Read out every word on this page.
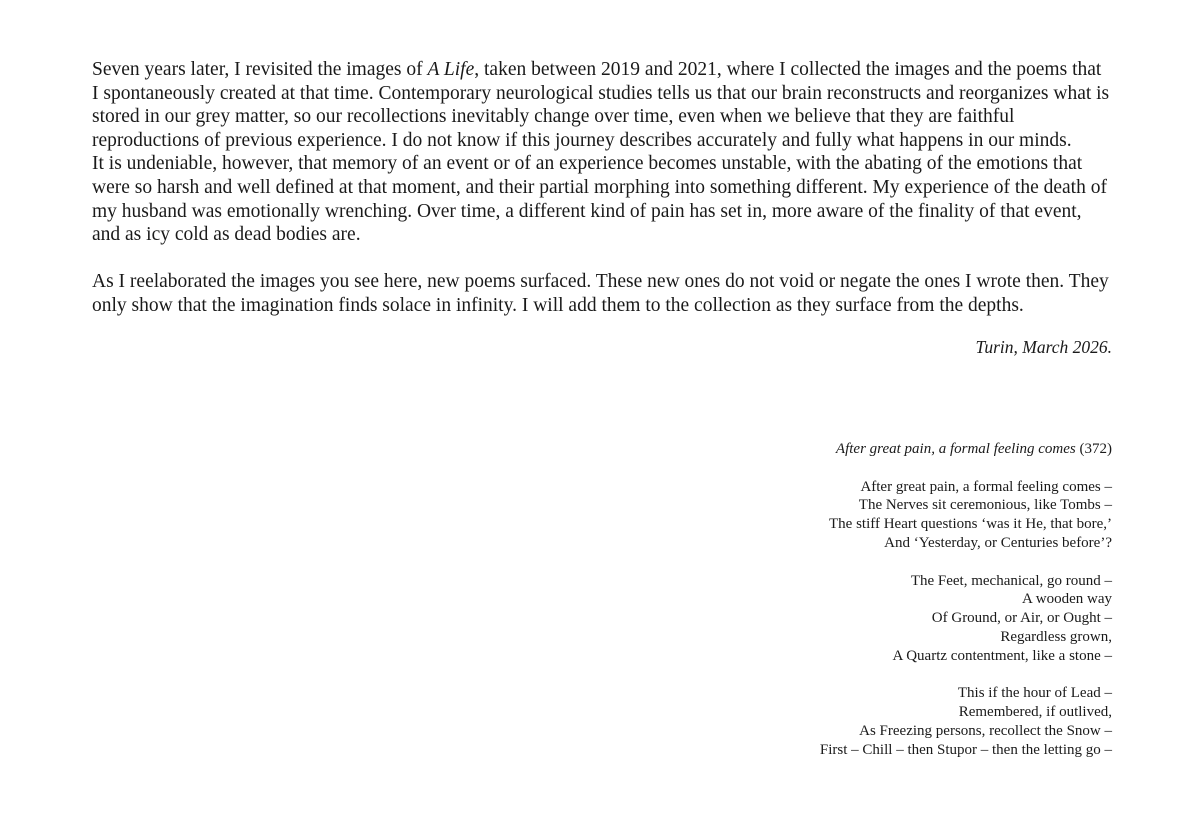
Seven years later, I revisited the images of A Life, taken between 2019 and 2021, where I collected the images and the poems that I spontaneously created at that time. Contemporary neurological studies tells us that our brain reconstructs and reorganizes what is stored in our grey matter, so our recollections inevitably change over time, even when we believe that they are faithful reproductions of previous experience. I do not know if this journey describes accurately and fully what happens in our minds.
It is undeniable, however, that memory of an event or of an experience becomes unstable, with the abating of the emotions that were so harsh and well defined at that moment, and their partial morphing into something different. My experience of the death of my husband was emotionally wrenching. Over time, a different kind of pain has set in, more aware of the finality of that event, and as icy cold as dead bodies are.

As I reelaborated the images you see here, new poems surfaced. These new ones do not void or negate the ones I wrote then. They only show that the imagination finds solace in infinity. I will add them to the collection as they surface from the depths.

Turin, March 2026.

After great pain, a formal feeling comes (372)

After great pain, a formal feeling comes –
The Nerves sit ceremonious, like Tombs –
The stiff Heart questions ‘was it He, that bore,’
And ‘Yesterday, or Centuries before’?
The Feet, mechanical, go round –
A wooden way
Of Ground, or Air, or Ought –
Regardless grown,
A Quartz contentment, like a stone –
This if the hour of Lead –
Remembered, if outlived,
As Freezing persons, recollect the Snow –
First – Chill – then Stupor – then the letting go –
